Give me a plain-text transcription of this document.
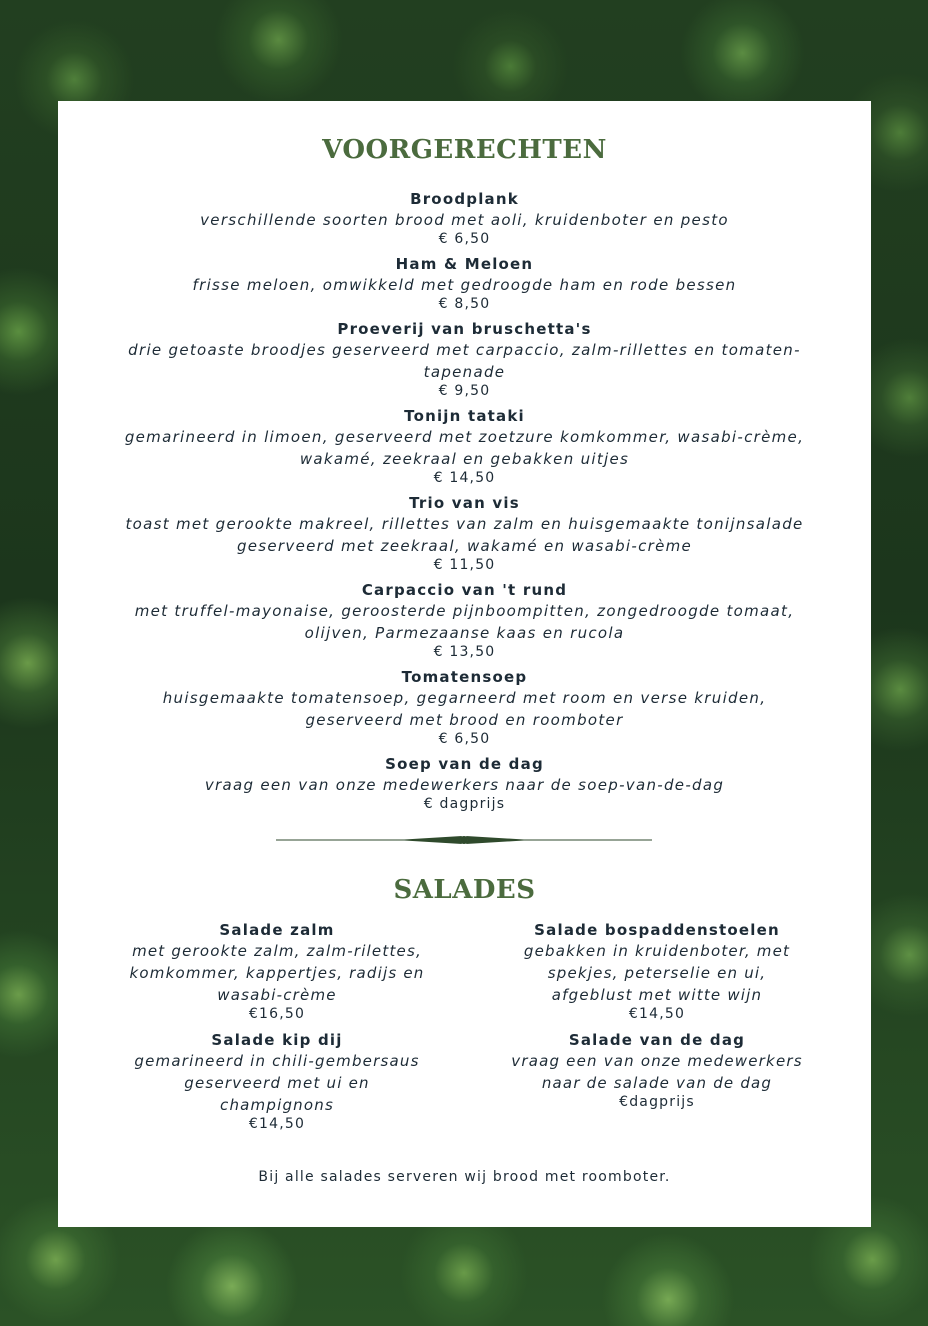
VOORGERECHTEN
Broodplank
verschillende soorten brood met aoli, kruidenboter en pesto
€ 6,50
Ham & Meloen
frisse meloen, omwikkeld met gedroogde ham en rode bessen
€ 8,50
Proeverij van bruschetta's
drie getoaste broodjes geserveerd met carpaccio, zalm-rillettes en tomaten-tapenade
€ 9,50
Tonijn tataki
gemarineerd in limoen, geserveerd met zoetzure komkommer, wasabi-crème, wakamé, zeekraal en gebakken uitjes
€ 14,50
Trio van vis
toast met gerookte makreel, rillettes van zalm en huisgemaakte tonijnsalade geserveerd met zeekraal, wakamé en wasabi-crème
€ 11,50
Carpaccio van 't rund
met truffel-mayonaise, geroosterde pijnboompitten, zongedroogde tomaat, olijven, Parmezaanse kaas en rucola
€ 13,50
Tomatensoep
huisgemaakte tomatensoep, gegarneerd met room en verse kruiden, geserveerd met brood en roomboter
€ 6,50
Soep van de dag
vraag een van onze medewerkers naar de soep-van-de-dag
€ dagprijs
SALADES
Salade zalm
met gerookte zalm, zalm-rilettes, komkommer, kappertjes, radijs en wasabi-crème
€16,50
Salade kip dij
gemarineerd in chili-gembersaus geserveerd met ui en champignons
€14,50
Salade bospaddenstoelen
gebakken in kruidenboter, met spekjes, peterselie en ui, afgeblust met witte wijn
€14,50
Salade van de dag
vraag een van onze medewerkers naar de salade van de dag
€dagprijs
Bij alle salades serveren wij brood met roomboter.
